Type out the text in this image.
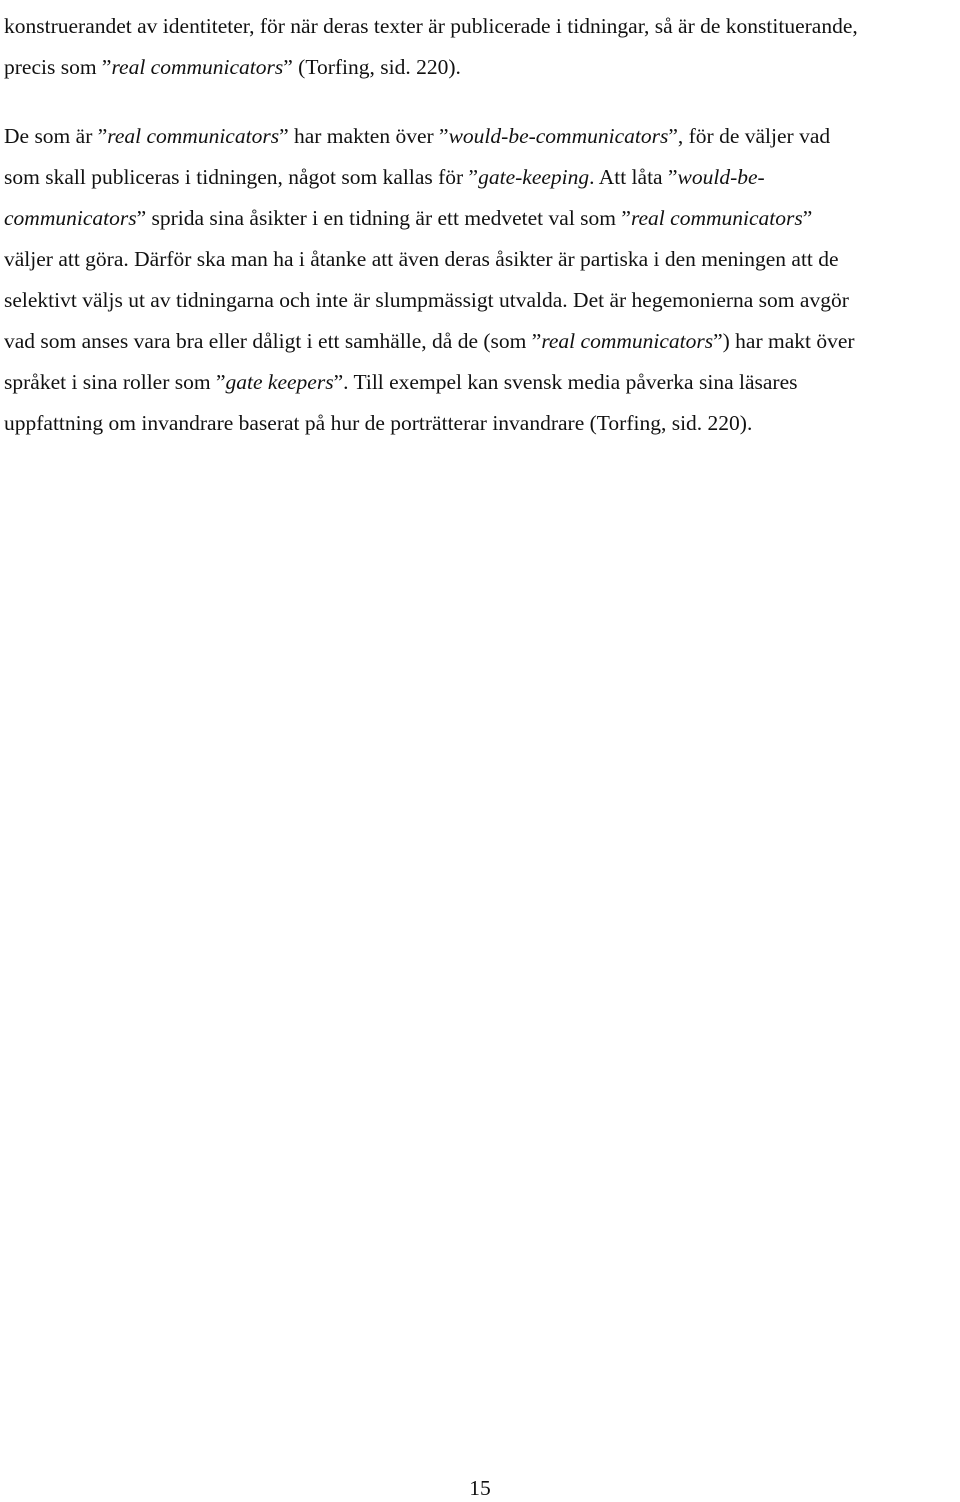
konstruerandet av identiteter, för när deras texter är publicerade i tidningar, så är de konstituerande,
precis som ”real communicators” (Torfing, sid. 220).
De som är ”real communicators” har makten över ”would-be-communicators”, för de väljer vad
som skall publiceras i tidningen, något som kallas för ”gate-keeping. Att låta ”would-be-
communicators” sprida sina åsikter i en tidning är ett medvetet val som ”real communicators”
väljer att göra. Därför ska man ha i åtanke att även deras åsikter är partiska i den meningen att de
selektivt väljs ut av tidningarna och inte är slumpmässigt utvalda. Det är hegemonierna som avgör
vad som anses vara bra eller dåligt i ett samhälle, då de (som ”real communicators”) har makt över
språket i sina roller som ”gate keepers”. Till exempel kan svensk media påverka sina läsares
uppfattning om invandrare baserat på hur de porträtterar invandrare (Torfing, sid. 220).
15
